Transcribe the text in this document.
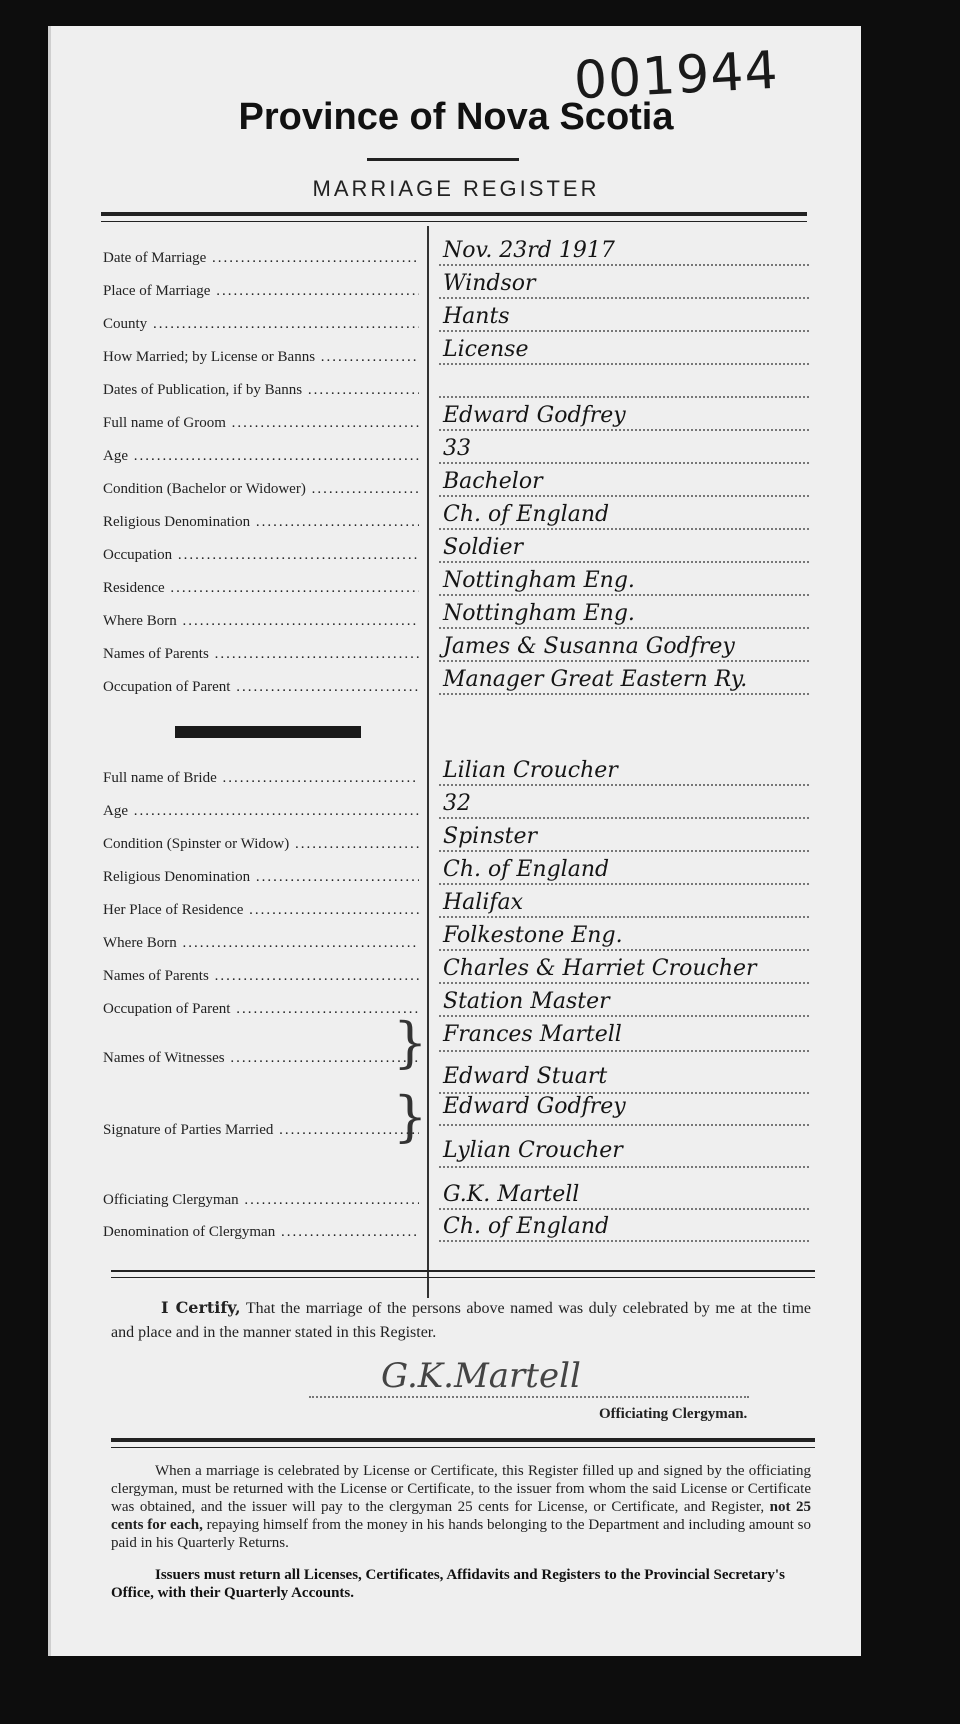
001944
Province of Nova Scotia
MARRIAGE REGISTER
Names of Witnesses .....	} Frances Martell
Edward Stuart
Signature of Parties Married .....	} Edward Godfrey
Lylian Croucher
Officiating Clergyman .....	G.K. Martell
Denomination of Clergyman .....	Ch. of England
I Certify, That the marriage of the persons above named was duly celebrated by me at the time and place and in the manner stated in this Register.
G.K.Martell
Officiating Clergyman.
When a marriage is celebrated by License or Certificate, this Register filled up and signed by the officiating clergyman, must be returned with the License or Certificate, to the issuer from whom the said License or Certificate was obtained, and the issuer will pay to the clergyman 25 cents for License, or Certificate, and Register, not 25 cents for each, repaying himself from the money in his hands belonging to the Department and including amount so paid in his Quarterly Returns.
Issuers must return all Licenses, Certificates, Affidavits and Registers to the Provincial Secretary's Office, with their Quarterly Accounts.
Date of Marriage .....	Nov. 23rd 1917
Place of Marriage .....	Windsor
County .....	Hants
How Married; by License or Banns .....	License
Dates of Publication, if by Banns .....
Full name of Groom .....	Edward Godfrey
Age .....	33
Condition (Bachelor or Widower) .....	Bachelor
Religious Denomination .....	Ch. of England
Occupation .....	Soldier
Residence .....	Nottingham Eng.
Where Born .....	Nottingham Eng.
Names of Parents .....	James & Susanna Godfrey
Occupation of Parent .....	Manager Great Eastern Ry.
Full name of Bride .....	Lilian Croucher
Age .....	32
Condition (Spinster or Widow) .....	Spinster
Religious Denomination .....	Ch. of England
Her Place of Residence .....	Halifax
Where Born .....	Folkestone Eng.
Names of Parents .....	Charles & Harriet Croucher
Occupation of Parent .....	Station Master
